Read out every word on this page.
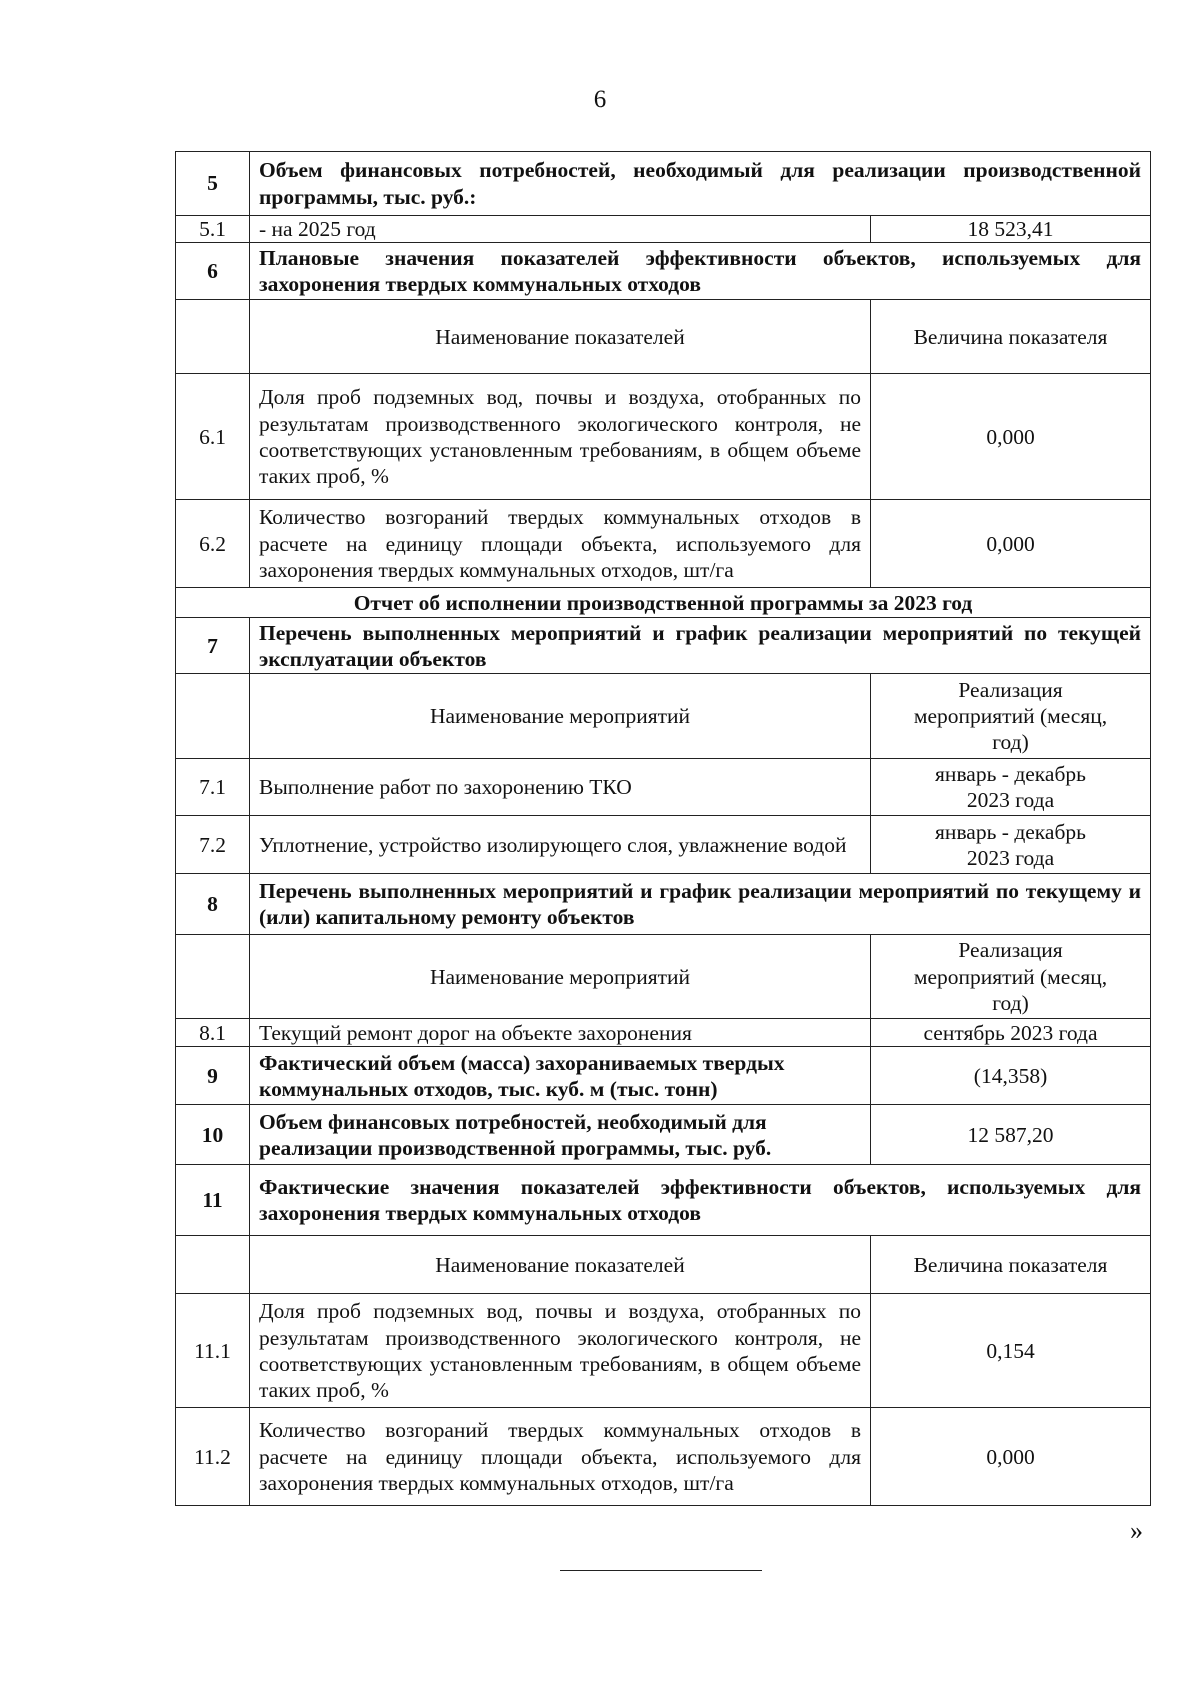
6
5	Объем финансовых потребностей, необходимый для реализации производственной программы, тыс. руб.:	
5.1	- на 2025 год	18 523,41
6	Плановые значения показателей эффективности объектов, используемых для захоронения твердых коммунальных отходов	
	Наименование показателей	Величина показателя
6.1	Доля проб подземных вод, почвы и воздуха, отобранных по результатам производственного экологического контроля, не соответствующих установленным требованиям, в общем объеме таких проб, %	0,000
6.2	Количество возгораний твердых коммунальных отходов в расчете на единицу площади объекта, используемого для захоронения твердых коммунальных отходов, шт/га	0,000
Отчет об исполнении производственной программы за 2023 год		
7	Перечень выполненных мероприятий и график реализации мероприятий по текущей эксплуатации объектов	
	Наименование мероприятий	Реализация мероприятий (месяц, год)
7.1	Выполнение работ по захоронению ТКО	январь - декабрь 2023 года
7.2	Уплотнение, устройство изолирующего слоя, увлажнение водой	январь - декабрь 2023 года
8	Перечень выполненных мероприятий и график реализации мероприятий по текущему и (или) капитальному ремонту объектов	
	Наименование мероприятий	Реализация мероприятий (месяц, год)
8.1	Текущий ремонт дорог на объекте захоронения	сентябрь 2023 года
9	Фактический объем (масса) захораниваемых твердых коммунальных отходов, тыс. куб. м (тыс. тонн)	(14,358)
10	Объем финансовых потребностей, необходимый для реализации производственной программы, тыс. руб.	12 587,20
11	Фактические значения показателей эффективности объектов, используемых для захоронения твердых коммунальных отходов	
	Наименование показателей	Величина показателя
11.1	Доля проб подземных вод, почвы и воздуха, отобранных по результатам производственного экологического контроля, не соответствующих установленным требованиям, в общем объеме таких проб, %	0,154
11.2	Количество возгораний твердых коммунальных отходов в расчете на единицу площади объекта, используемого для захоронения твердых коммунальных отходов, шт/га	0,000
»
